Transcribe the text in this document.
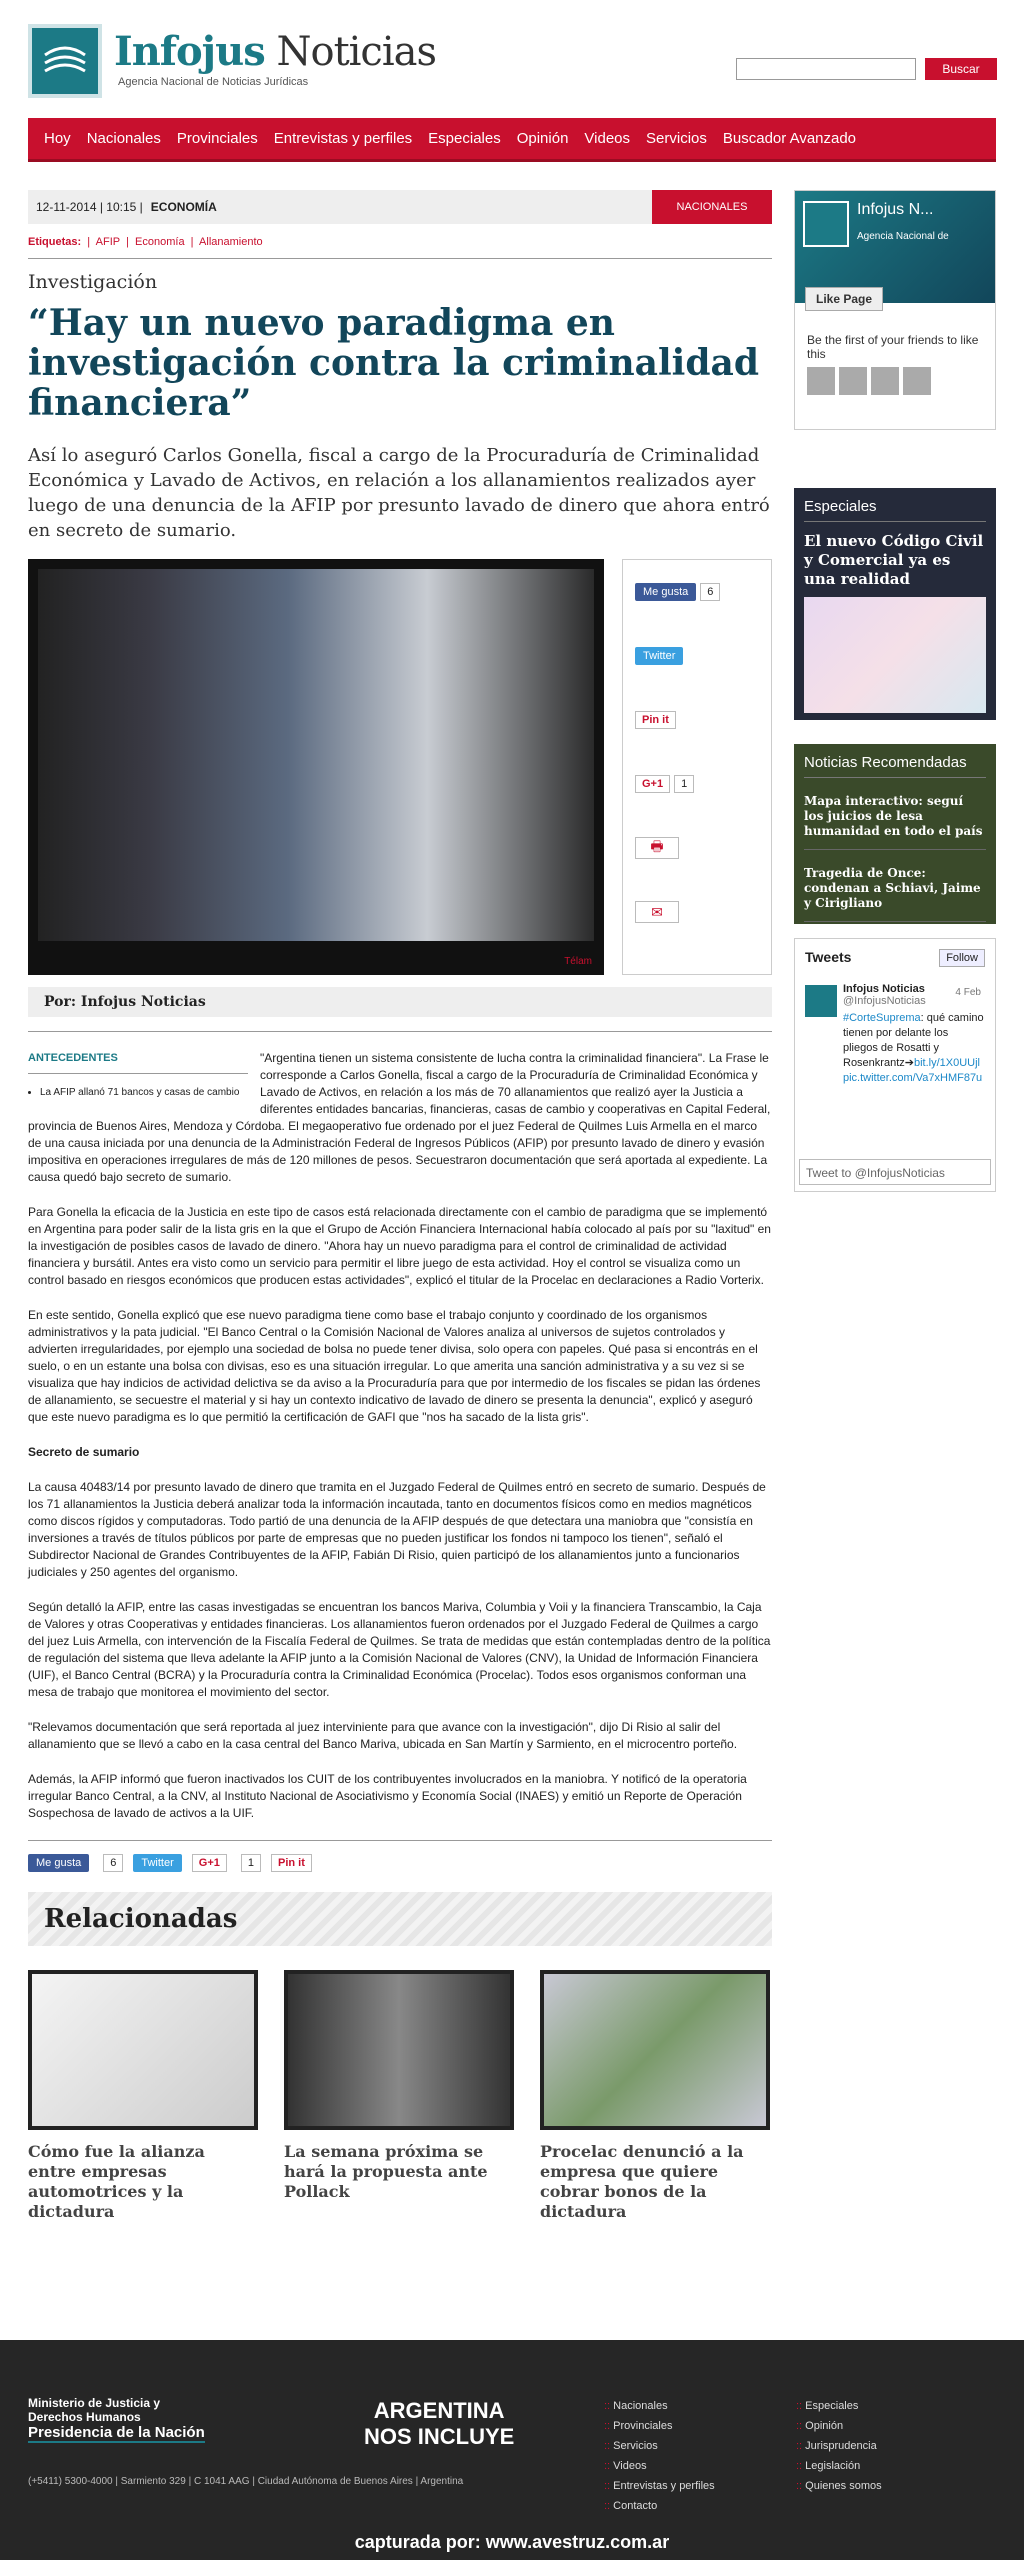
Infojus Noticias
Agencia Nacional de Noticias Jurídicas
Buscar
Hoy Nacionales Provinciales Entrevistas y perfiles Especiales Opinión Videos Servicios Buscador Avanzado
12-11-2014 | 10:15 | ECONOMÍA	NACIONALES
Etiquetas:  |  AFIP  |  Economía  |  Allanamiento
Investigación
“Hay un nuevo paradigma en investigación contra la criminalidad financiera”
Así lo aseguró Carlos Gonella, fiscal a cargo de la Procuraduría de Criminalidad Económica y Lavado de Activos, en relación a los allanamientos realizados ayer luego de una denuncia de la AFIP por presunto lavado de dinero que ahora entró en secreto de sumario.
Télam
Me gusta	6
Twitter
Pin it
G+1	1
🖶
✉
Por: Infojus Noticias
ANTECEDENTES
• La AFIP allanó 71 bancos y casas de cambio

"Argentina tienen un sistema consistente de lucha contra la criminalidad financiera". La Frase le corresponde a Carlos Gonella, fiscal a cargo de la Procuraduría de Criminalidad Económica y Lavado de Activos, en relación a los más de 70 allanamientos que realizó ayer la Justicia a diferentes entidades bancarias, financieras, casas de cambio y cooperativas en Capital Federal, provincia de Buenos Aires, Mendoza y Córdoba. El megaoperativo fue ordenado por el juez Federal de Quilmes Luis Armella en el marco de una causa iniciada por una denuncia de la Administración Federal de Ingresos Públicos (AFIP) por presunto lavado de dinero y evasión impositiva en operaciones irregulares de más de 120 millones de pesos. Secuestraron documentación que será aportada al expediente. La causa quedó bajo secreto de sumario.

Para Gonella la eficacia de la Justicia en este tipo de casos está relacionada directamente con el cambio de paradigma que se implementó en Argentina para poder salir de la lista gris en la que el Grupo de Acción Financiera Internacional había colocado al país por su "laxitud" en la investigación de posibles casos de lavado de dinero. "Ahora hay un nuevo paradigma para el control de criminalidad de actividad financiera y bursátil. Antes era visto como un servicio para permitir el libre juego de esta actividad. Hoy el control se visualiza como un control basado en riesgos económicos que producen estas actividades", explicó el titular de la Procelac en declaraciones a Radio Vorterix.

En este sentido, Gonella explicó que ese nuevo paradigma tiene como base el trabajo conjunto y coordinado de los organismos administrativos y la pata judicial. "El Banco Central o la Comisión Nacional de Valores analiza al universos de sujetos controlados y advierten irregularidades, por ejemplo una sociedad de bolsa no puede tener divisa, solo opera con papeles. Qué pasa si encontrás en el suelo, o en un estante una bolsa con divisas, eso es una situación irregular. Lo que amerita una sanción administrativa y a su vez si se visualiza que hay indicios de actividad delictiva se da aviso a la Procuraduría para que por intermedio de los fiscales se pidan las órdenes de allanamiento, se secuestre el material y si hay un contexto indicativo de lavado de dinero se presenta la denuncia", explicó y aseguró que este nuevo paradigma es lo que permitió la certificación de GAFI que "nos ha sacado de la lista gris".

Secreto de sumario

La causa 40483/14 por presunto lavado de dinero que tramita en el Juzgado Federal de Quilmes entró en secreto de sumario. Después de los 71 allanamientos la Justicia deberá analizar toda la información incautada, tanto en documentos físicos como en medios magnéticos como discos rígidos y computadoras. Todo partió de una denuncia de la AFIP después de que detectara una maniobra que "consistía en inversiones a través de títulos públicos por parte de empresas que no pueden justificar los fondos ni tampoco los tienen", señaló el Subdirector Nacional de Grandes Contribuyentes de la AFIP, Fabián Di Risio, quien participó de los allanamientos junto a funcionarios judiciales y 250 agentes del organismo.

Según detalló la AFIP, entre las casas investigadas se encuentran los bancos Mariva, Columbia y Voii y la financiera Transcambio, la Caja de Valores y otras Cooperativas y entidades financieras. Los allanamientos fueron ordenados por el Juzgado Federal de Quilmes a cargo del juez Luis Armella, con intervención de la Fiscalía Federal de Quilmes. Se trata de medidas que están contempladas dentro de la política de regulación del sistema que lleva adelante la AFIP junto a la Comisión Nacional de Valores (CNV), la Unidad de Información Financiera (UIF), el Banco Central (BCRA) y la Procuraduría contra la Criminalidad Económica (Procelac). Todos esos organismos conforman una mesa de trabajo que monitorea el movimiento del sector.

"Relevamos documentación que será reportada al juez interviniente para que avance con la investigación", dijo Di Risio al salir del allanamiento que se llevó a cabo en la casa central del Banco Mariva, ubicada en San Martín y Sarmiento, en el microcentro porteño.

Además, la AFIP informó que fueron inactivados los CUIT de los contribuyentes involucrados en la maniobra. Y notificó de la operatoria irregular Banco Central, a la CNV, al Instituto Nacional de Asociativismo y Economía Social (INAES) y emitió un Reporte de Operación Sospechosa de lavado de activos a la UIF.

Me gusta	6	Twitter	G+1	1	Pin it
Relacionadas
Cómo fue la alianza entre empresas automotrices y la dictadura
La semana próxima se hará la propuesta ante Pollack
Procelac denunció a la empresa que quiere cobrar bonos de la dictadura
Infojus N...
Agencia Nacional de
Like Page
Be the first of your friends to like this
Especiales
El nuevo Código Civil y Comercial ya es una realidad
Noticias Recomendadas
Mapa interactivo: seguí los juicios de lesa humanidad en todo el país
Tragedia de Once: condenan a Schiavi, Jaime y Cirigliano
Tweets	Follow
Infojus Noticias	4 Feb
@InfojusNoticias
#CorteSuprema: qué camino tienen por delante los pliegos de Rosatti y Rosenkrantz➔bit.ly/1X0UUjl pic.twitter.com/Va7xHMF87u
Tweet to @InfojusNoticias
Ministerio de Justicia y Derechos Humanos
Presidencia de la Nación
(+5411) 5300-4000 | Sarmiento 329 | C 1041 AAG | Ciudad Autónoma de Buenos Aires | Argentina
ARGENTINA
NOS INCLUYE
:: Nacionales
:: Provinciales
:: Servicios
:: Videos
:: Entrevistas y perfiles
:: Contacto
:: Especiales
:: Opinión
:: Jurisprudencia
:: Legislación
:: Quienes somos
capturada por: www.avestruz.com.ar
